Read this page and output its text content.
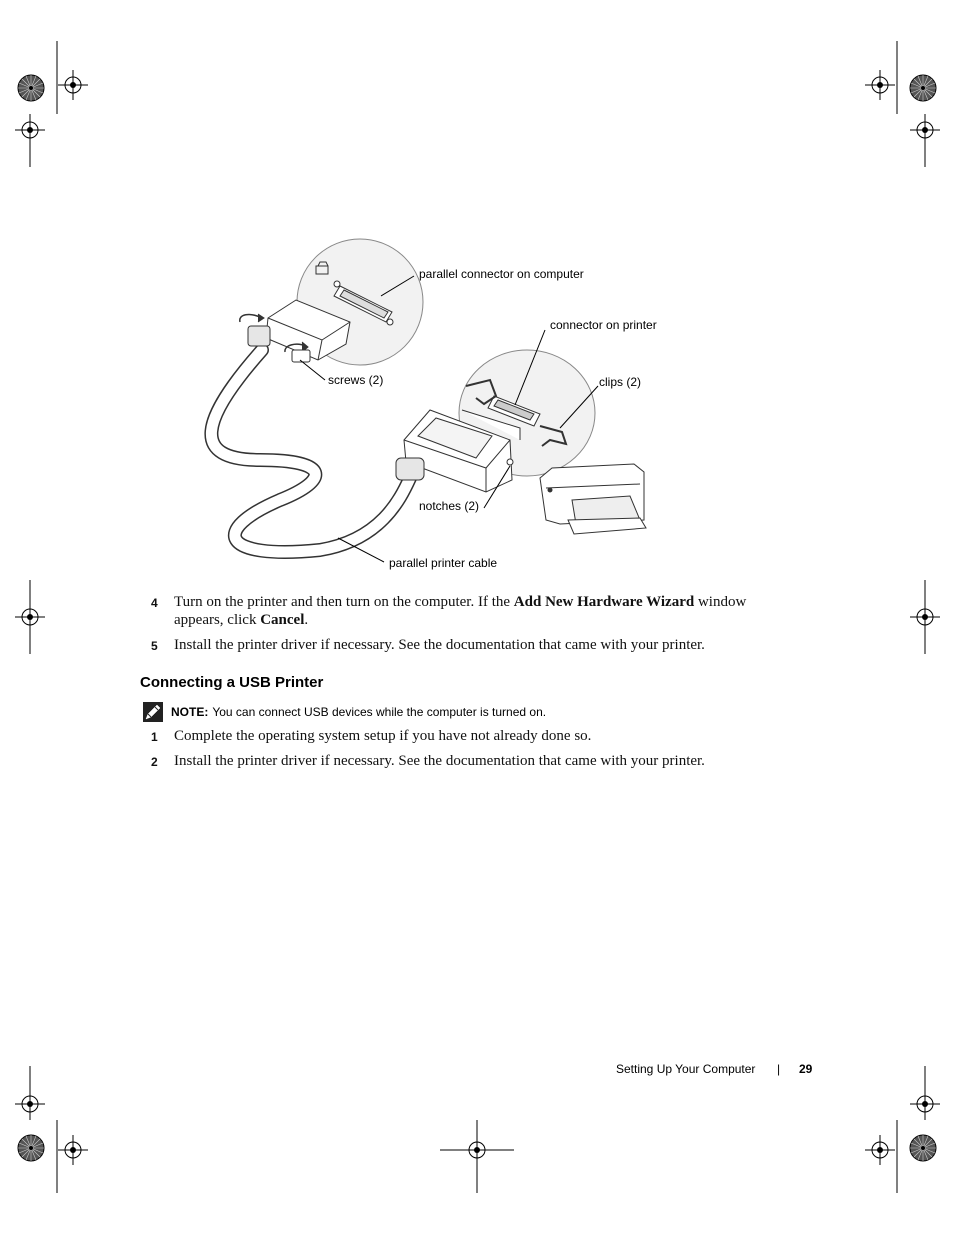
parallel connector on computer
connector on printer
screws (2)	clips (2)
notches (2)
parallel printer cable
4 Turn on the printer and then turn on the computer. If the Add New Hardware Wizard window appears, click Cancel.
5 Install the printer driver if necessary. See the documentation that came with your printer.
Connecting a USB Printer
NOTE: You can connect USB devices while the computer is turned on.
1 Complete the operating system setup if you have not already done so.
2 Install the printer driver if necessary. See the documentation that came with your printer.
Setting Up Your Computer | 29
